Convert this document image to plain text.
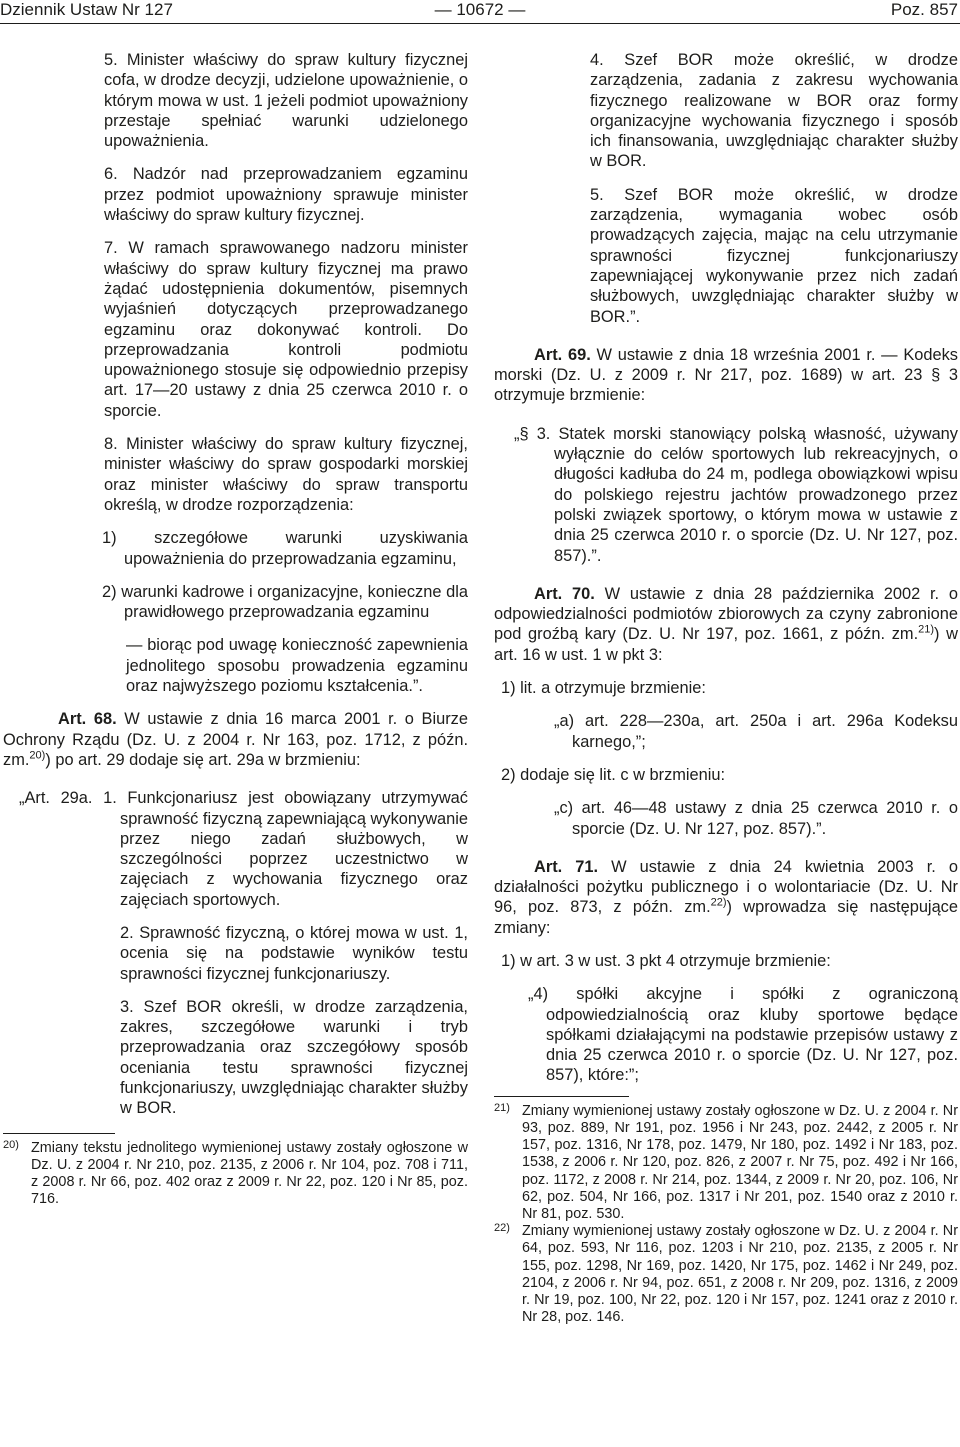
Dziennik Ustaw Nr 127	— 10672 —	Poz. 857

5. Minister właściwy do spraw kultury fizycznej cofa, w drodze decyzji, udzielone upoważnienie, o którym mowa w ust. 1 jeżeli podmiot upoważniony przestaje spełniać warunki udzielonego upoważnienia.

6. Nadzór nad przeprowadzaniem egzaminu przez podmiot upoważniony sprawuje minister właściwy do spraw kultury fizycznej.

7. W ramach sprawowanego nadzoru minister właściwy do spraw kultury fizycznej ma prawo żądać udostępnienia dokumentów, pisemnych wyjaśnień dotyczących przeprowadzanego egzaminu oraz dokonywać kontroli. Do przeprowadzania kontroli podmiotu upoważnionego stosuje się odpowiednio przepisy art. 17—20 ustawy z dnia 25 czerwca 2010 r. o sporcie.

8. Minister właściwy do spraw kultury fizycznej, minister właściwy do spraw gospodarki morskiej oraz minister właściwy do spraw transportu określą, w drodze rozporządzenia:

1) szczegółowe warunki uzyskiwania upoważnienia do przeprowadzania egzaminu,

2) warunki kadrowe i organizacyjne, konieczne dla prawidłowego przeprowadzania egzaminu

— biorąc pod uwagę konieczność zapewnienia jednolitego sposobu prowadzenia egzaminu oraz najwyższego poziomu kształcenia.”.

Art. 68. W ustawie z dnia 16 marca 2001 r. o Biurze Ochrony Rządu (Dz. U. z 2004 r. Nr 163, poz. 1712, z późn. zm.$^{20)}$) po art. 29 dodaje się art. 29a w brzmieniu:

„Art. 29a. 1. Funkcjonariusz jest obowiązany utrzymywać sprawność fizyczną zapewniającą wykonywanie przez niego zadań służbowych, w szczególności poprzez uczestnictwo w zajęciach z wychowania fizycznego oraz zajęciach sportowych.

2. Sprawność fizyczną, o której mowa w ust. 1, ocenia się na podstawie wyników testu sprawności fizycznej funkcjonariuszy.

3. Szef BOR określi, w drodze zarządzenia, zakres, szczegółowe warunki i tryb przeprowadzania oraz szczegółowy sposób oceniania testu sprawności fizycznej funkcjonariuszy, uwzględniając charakter służby w BOR.

20) Zmiany tekstu jednolitego wymienionej ustawy zostały ogłoszone w Dz. U. z 2004 r. Nr 210, poz. 2135, z 2006 r. Nr 104, poz. 708 i 711, z 2008 r. Nr 66, poz. 402 oraz z 2009 r. Nr 22, poz. 120 i Nr 85, poz. 716.

4. Szef BOR może określić, w drodze zarządzenia, zadania z zakresu wychowania fizycznego realizowane w BOR oraz formy organizacyjne wychowania fizycznego i sposób ich finansowania, uwzględniając charakter służby w BOR.

5. Szef BOR może określić, w drodze zarządzenia, wymagania wobec osób prowadzących zajęcia, mając na celu utrzymanie sprawności fizycznej funkcjonariuszy zapewniającej wykonywanie przez nich zadań służbowych, uwzględniając charakter służby w BOR.”.

Art. 69. W ustawie z dnia 18 września 2001 r. — Kodeks morski (Dz. U. z 2009 r. Nr 217, poz. 1689) w art. 23 § 3 otrzymuje brzmienie:

„§ 3. Statek morski stanowiący polską własność, używany wyłącznie do celów sportowych lub rekreacyjnych, o długości kadłuba do 24 m, podlega obowiązkowi wpisu do polskiego rejestru jachtów prowadzonego przez polski związek sportowy, o którym mowa w ustawie z dnia 25 czerwca 2010 r. o sporcie (Dz. U. Nr 127, poz. 857).”.

Art. 70. W ustawie z dnia 28 października 2002 r. o odpowiedzialności podmiotów zbiorowych za czyny zabronione pod groźbą kary (Dz. U. Nr 197, poz. 1661, z późn. zm.$^{21)}$) w art. 16 w ust. 1 w pkt 3:

1) lit. a otrzymuje brzmienie:

„a) art. 228—230a, art. 250a i art. 296a Kodeksu karnego,”;

2) dodaje się lit. c w brzmieniu:

„c) art. 46—48 ustawy z dnia 25 czerwca 2010 r. o sporcie (Dz. U. Nr 127, poz. 857).”.

Art. 71. W ustawie z dnia 24 kwietnia 2003 r. o działalności pożytku publicznego i o wolontariacie (Dz. U. Nr 96, poz. 873, z późn. zm.$^{22)}$) wprowadza się następujące zmiany:

1) w art. 3 w ust. 3 pkt 4 otrzymuje brzmienie:

„4) spółki akcyjne i spółki z ograniczoną odpowiedzialnością oraz kluby sportowe będące spółkami działającymi na podstawie przepisów ustawy z dnia 25 czerwca 2010 r. o sporcie (Dz. U. Nr 127, poz. 857), które:”;

21) Zmiany wymienionej ustawy zostały ogłoszone w Dz. U. z 2004 r. Nr 93, poz. 889, Nr 191, poz. 1956 i Nr 243, poz. 2442, z 2005 r. Nr 157, poz. 1316, Nr 178, poz. 1479, Nr 180, poz. 1492 i Nr 183, poz. 1538, z 2006 r. Nr 120, poz. 826, z 2007 r. Nr 75, poz. 492 i Nr 166, poz. 1172, z 2008 r. Nr 214, poz. 1344, z 2009 r. Nr 20, poz. 106, Nr 62, poz. 504, Nr 166, poz. 1317 i Nr 201, poz. 1540 oraz z 2010 r. Nr 81, poz. 530.

22) Zmiany wymienionej ustawy zostały ogłoszone w Dz. U. z 2004 r. Nr 64, poz. 593, Nr 116, poz. 1203 i Nr 210, poz. 2135, z 2005 r. Nr 155, poz. 1298, Nr 169, poz. 1420, Nr 175, poz. 1462 i Nr 249, poz. 2104, z 2006 r. Nr 94, poz. 651, z 2008 r. Nr 209, poz. 1316, z 2009 r. Nr 19, poz. 100, Nr 22, poz. 120 i Nr 157, poz. 1241 oraz z 2010 r. Nr 28, poz. 146.
